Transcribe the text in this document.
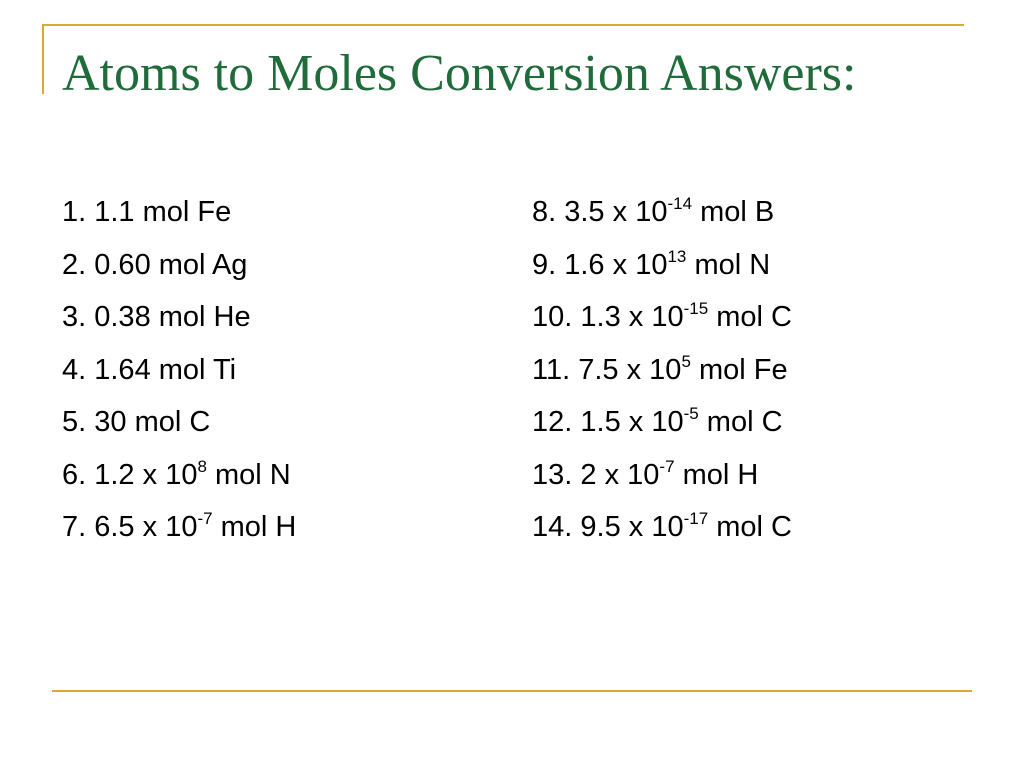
Atoms to Moles Conversion Answers:
1. 1.1 mol Fe
2. 0.60 mol Ag
3. 0.38 mol He
4. 1.64 mol Ti
5. 30 mol C
6. 1.2 x $10^8$ mol N
7. 6.5 x $10^{-7}$ mol H
8. 3.5 x $10^{-14}$ mol B
9. 1.6 x $10^{13}$ mol N
10. 1.3 x $10^{-15}$ mol C
11. 7.5 x $10^5$ mol Fe
12. 1.5 x $10^{-5}$ mol C
13. 2 x $10^{-7}$ mol H
14. 9.5 x $10^{-17}$ mol C
